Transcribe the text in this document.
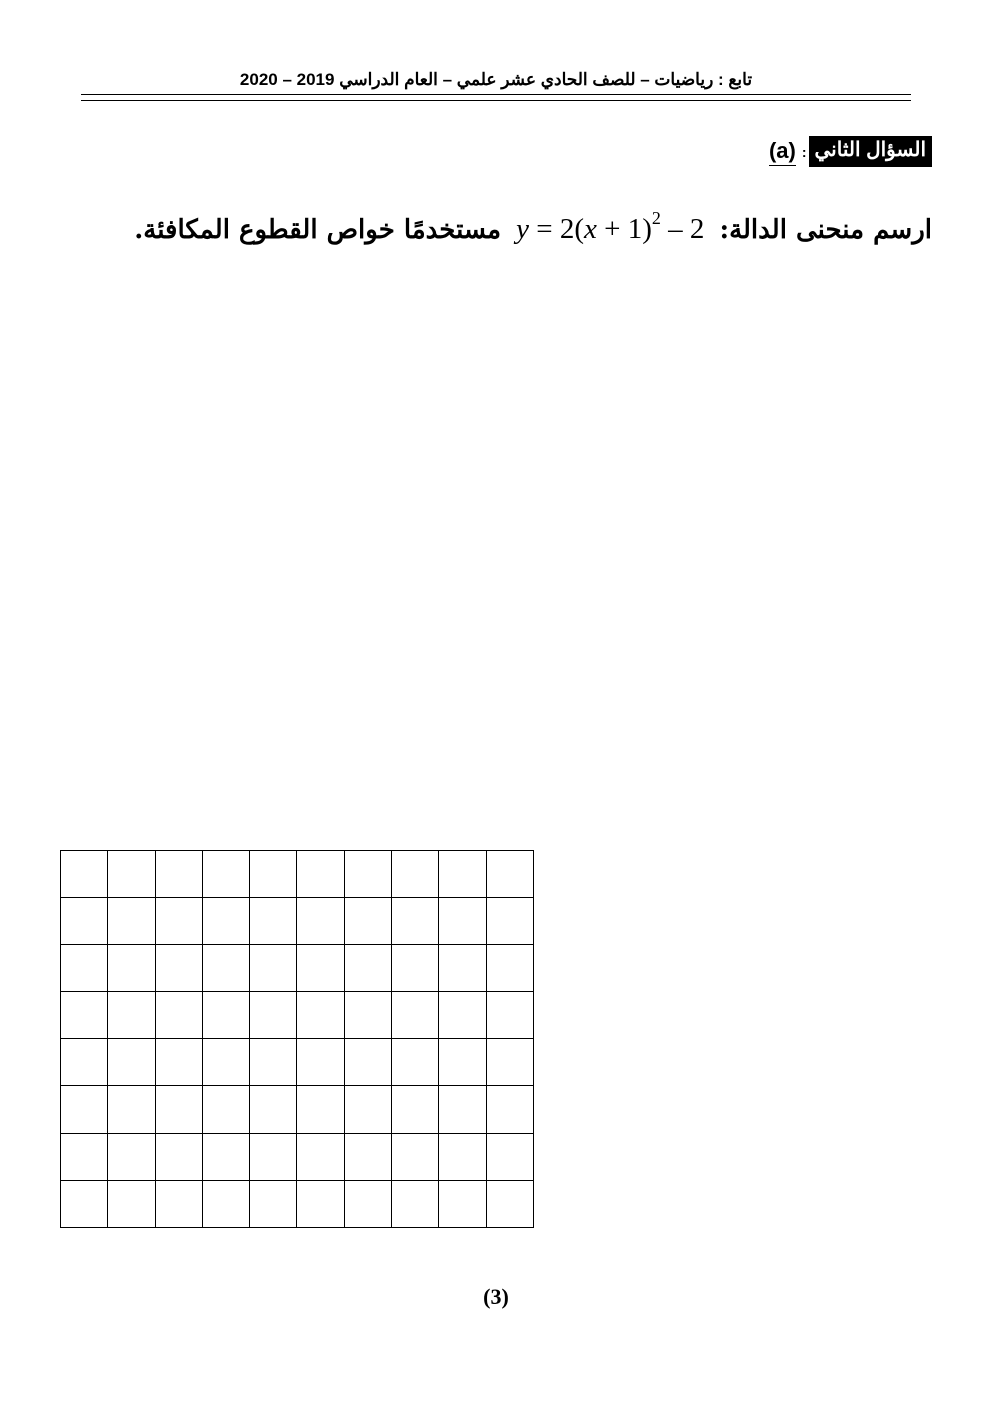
تابع : رياضيات – للصف الحادي عشر علمي – العام الدراسي 2019 – 2020
السؤال الثاني
:
(a)
ارسم منحنى الدالة: $y = 2(x + 1)^2 - 2$ مستخدمًا خواص القطوع المكافئة.
(3)
